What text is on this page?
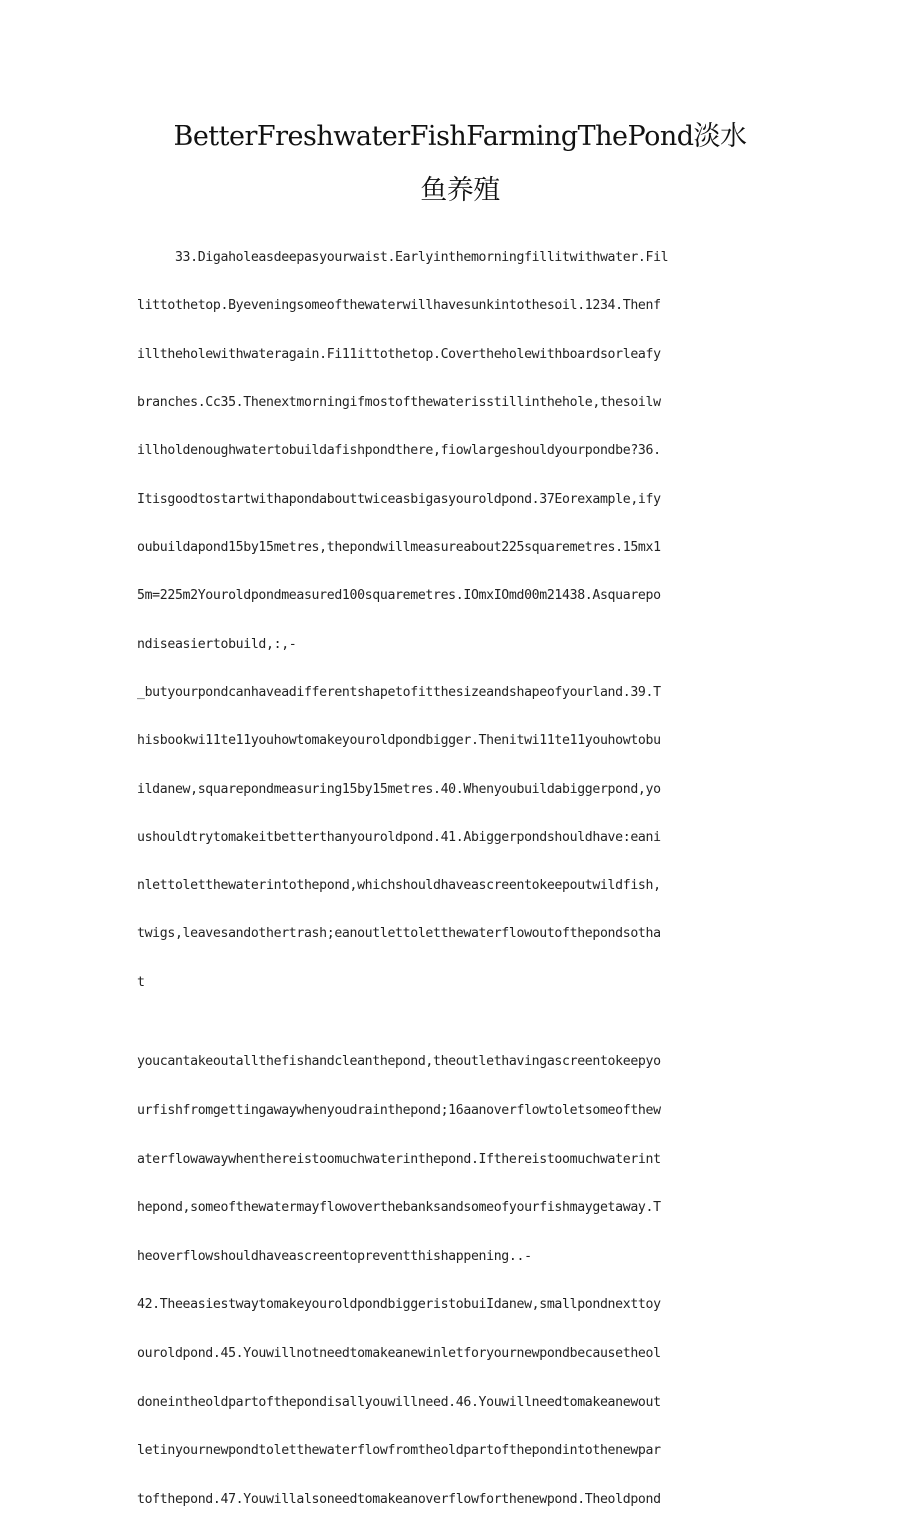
BetterFreshwaterFishFarmingThePond淡水
鱼养殖
33.Digaholeasdeepasyourwaist.Earlyinthemorningfillitwithwater.Fil
littothetop.Byeveningsomeofthewaterwillhavesunkintothesoil.1234.Thenf
illtheholewithwateragain.Fi11ittothetop.Covertheholewithboardsorleafy
branches.Cc35.Thenextmorningifmostofthewaterisstillinthehole,thesoilw
illholdenoughwatertobuildafishpondthere,fiowlargeshouldyourpondbe?36.
Itisgoodtostartwithapondabouttwiceasbigasyouroldpond.37Eorexample,ify
oubuildapond15by15metres,thepondwillmeasureabout225squaremetres.15mx1
5m=225m2Youroldpondmeasured100squaremetres.IOmxIOmd00m21438.Asquarepo
ndiseasiertobuild,:,-
_butyourpondcanhaveadifferentshapetofitthesizeandshapeofyourland.39.T
hisbookwi11te11youhowtomakeyouroldpondbigger.Thenitwi11te11youhowtobu
ildanew,squarepondmeasuring15by15metres.40.Whenyoubuildabiggerpond,yo
ushouldtrytomakeitbetterthanyouroldpond.41.Abiggerpondshouldhave:eani
nlettoletthewaterintothepond,whichshouldhaveascreentokeepoutwildfish,
twigs,leavesandothertrash;eanoutlettoletthewaterflowoutofthepondsotha
t

youcantakeoutallthefishandcleanthepond,theoutlethavingascreentokeepyo

urfishfromgettingawaywhenyoudrainthepond;16aanoverflowtoletsomeofthew

aterflowawaywhenthereistoomuchwaterinthepond.Ifthereistoomuchwaterint

hepond,someofthewatermayflowoverthebanksandsomeofyourfishmaygetaway.T

heoverflowshouldhaveascreentopreventthishappening..-

42.TheeasiestwaytomakeyouroldpondbiggeristobuiIdanew,smallpondnexttoy

ouroldpond.45.Youwillnotneedtomakeanewinletforyournewpondbecausetheol

doneintheoldpartofthepondisallyouwillneed.46.Youwillneedtomakeanewout

letinyournewpondtoletthewaterflowfromtheoldpartofthepondintothenewpar

tofthepond.47.Youwillalsoneedtomakeanoverflowforthenewpond.Theoldpond
